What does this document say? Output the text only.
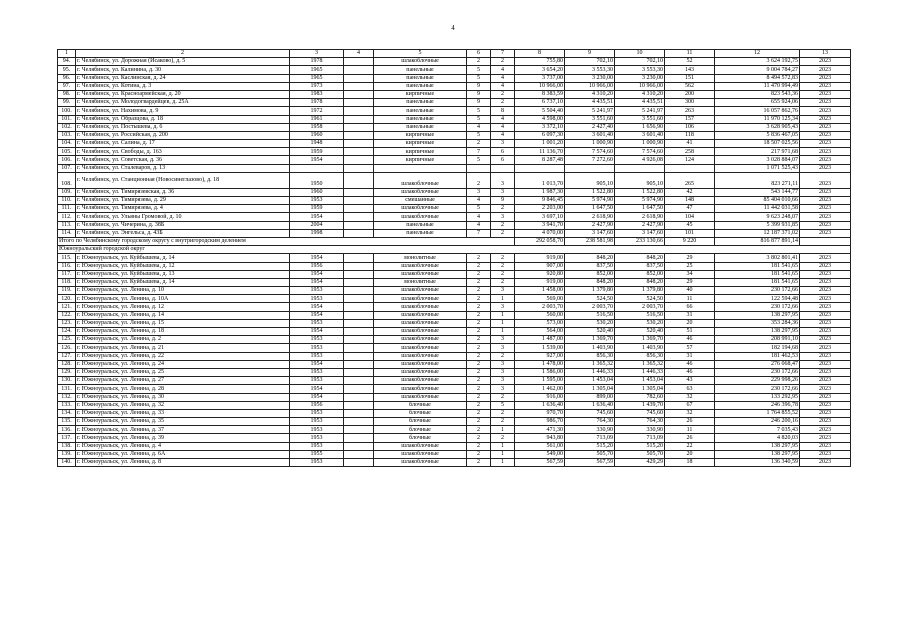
4
1	2	3	4	5	6	7	8	9	10	11	12	13
94.	г. Челябинск, ул. Дорожная (Исаково), д. 5	1978		шлакоблочные	2	2	755,80	702,10	702,10	52	3 624 192,75	2023
95.	г. Челябинск, ул. Калинина, д. 30	1965		панельные	5	4	3 654,20	3 553,30	3 553,30	143	9 004 784,27	2023
96.	г. Челябинск, ул. Каслинская, д. 24	1965		панельные	5	4	3 737,00	3 230,00	3 230,00	151	8 494 572,83	2023
97.	г. Челябинск, ул. Котина, д. 3	1973		панельные	9	4	10 966,00	10 966,00	10 966,00	562	11 470 994,49	2023
98.	г. Челябинск, ул. Красноармейская, д. 20	1983		кирпичные	9	2	8 383,59	4 310,20	4 310,20	200	823 543,36	2023
99.	г. Челябинск, ул. Молодогвардейцев, д. 25А	1978		панельные	9	2	6 737,10	4 435,51	4 435,51	300	655 924,06	2023
100.	г. Челябинск, ул. Нахимова, д. 9	1972		панельные	5	8	5 504,40	5 241,97	5 241,97	263	16 057 862,76	2023
101.	г. Челябинск, ул. Образцова, д. 18	1961		панельные	5	4	4 598,00	3 551,60	3 551,60	157	11 970 125,34	2023
102.	г. Челябинск, ул. Постышева, д. 6	1958		панельные	4	4	3 372,10	2 427,40	1 656,90	106	3 628 905,43	2023
103.	г. Челябинск, ул. Российская, д. 200	1960		кирпичные	5	4	6 097,30	3 601,40	3 601,40	118	5 836 467,05	2023
104.	г. Челябинск, ул. Салина, д. 17	1948		кирпичные	2	3	1 001,20	1 000,90	1 000,90	41	18 507 025,56	2023
105.	г. Челябинск, ул. Свободы, д. 163	1959		кирпичные	7	6	11 136,70	7 574,60	7 574,60	258	217 971,68	2023
106.	г. Челябинск, ул. Советская, д. 36	1954		кирпичные	5	6	8 287,48	7 272,60	4 926,08	124	3 028 884,07	2023
107.	г. Челябинск, ул. Сталеваров, д. 13										1 071 525,43	2023
108.	г. Челябинск, ул. Станционная (Новосинеглазово), д. 18	1950		шлакоблочные	2	3	1 013,70	905,10	905,10	265	823 271,11	2023
109.	г. Челябинск, ул. Тимирязевская, д. 36	1960		шлакоблочные	3	3	1 987,30	1 522,80	1 522,80	42	543 144,77	2023
110.	г. Челябинск, ул. Тимирязева, д. 29	1953		смешанные	4	9	9 846,45	5 974,90	5 974,90	148	85 404 010,66	2023
111.	г. Челябинск, ул. Тимирязева, д. 4	1959		шлакоблочные	5	2	2 203,00	1 647,50	1 647,50	47	11 442 031,58	2023
112.	г. Челябинск, ул. Ульяны Громовой, д. 10	1954		шлакоблочные	4	3	3 697,10	2 618,90	2 618,90	104	9 623 248,07	2023
113.	г. Челябинск, ул. Чичерина, д. 38Б	2004		панельные	4	2	3 941,70	2 427,90	2 427,90	45	5 399 931,85	2023
114.	г. Челябинск, ул. Энгельса, д. 43Б	1998		панельные	7	2	4 070,00	3 147,60	3 147,60	101	12 187 371,02	2023
Итого по Челябинскому городскому округу с внутригородским делением							292 058,70	238 581,98	233 130,66	9 220	816 877 891,14	
Южноуральский городской округ												
115.	г. Южноуральск, ул. Куйбышева, д. 14	1954		монолитные	2	2	919,00	848,20	848,20	29	3 802 801,41	2023
116.	г. Южноуральск, ул. Куйбышева, д. 12	1956		шлакоблочные	2	2	907,00	837,50	837,50	25	181 541,65	2023
117.	г. Южноуральск, ул. Куйбышева, д. 13	1954		шлакоблочные	2	2	920,80	852,00	852,00	34	181 541,65	2023
118.	г. Южноуральск, ул. Куйбышева, д. 14	1954		монолитные	2	2	919,00	848,20	848,20	29	181 541,65	2023
119.	г. Южноуральск, ул. Ленина, д. 10	1953		шлакоблочные	2	3	1 458,00	1 379,80	1 379,80	40	230 172,66	2023
120.	г. Южноуральск, ул. Ленина, д. 10А	1953		шлакоблочные	2	1	569,00	524,50	524,50	11	122 594,48	2023
121.	г. Южноуральск, ул. Ленина, д. 12	1954		шлакоблочные	2	3	2 003,70	2 003,70	2 003,70	66	230 172,66	2023
122.	г. Южноуральск, ул. Ленина, д. 14	1954		шлакоблочные	2	1	560,00	516,50	516,50	31	138 297,95	2023
123.	г. Южноуральск, ул. Ленина, д. 15	1953		шлакоблочные	2	1	573,00	530,20	530,20	20	353 284,36	2023
124.	г. Южноуральск, ул. Ленина, д. 18	1954		шлакоблочные	2	1	564,00	520,40	520,40	51	138 297,95	2023
125.	г. Южноуральск, ул. Ленина, д. 2	1953		шлакоблочные	2	3	1 487,00	1 369,70	1 369,70	46	208 991,10	2023
126.	г. Южноуральск, ул. Ленина, д. 21	1953		шлакоблочные	2	3	1 539,00	1 403,90	1 403,90	57	182 194,68	2023
127.	г. Южноуральск, ул. Ленина, д. 22	1953		шлакоблочные	2	2	927,00	856,30	856,30	31	181 462,53	2023
128.	г. Южноуральск, ул. Ленина, д. 24	1954		шлакоблочные	2	3	1 478,00	1 365,32	1 365,32	46	276 068,47	2023
129.	г. Южноуральск, ул. Ленина, д. 25	1953		шлакоблочные	2	3	1 586,00	1 446,33	1 446,33	46	230 172,66	2023
130.	г. Южноуральск, ул. Ленина, д. 27	1953		шлакоблочные	2	3	1 595,00	1 453,04	1 453,04	43	229 998,26	2023
131.	г. Южноуральск, ул. Ленина, д. 28	1954		шлакоблочные	2	3	1 462,00	1 305,04	1 305,04	63	230 172,66	2023
132.	г. Южноуральск, ул. Ленина, д. 30	1954		шлакоблочные	2	2	916,00	899,00	782,60	32	133 292,95	2023
133.	г. Южноуральск, ул. Ленина, д. 32	1956		блочные	2	5	1 636,40	1 636,40	1 439,70	67	246 396,78	2023
134.	г. Южноуральск, ул. Ленина, д. 33	1953		блочные	2	2	970,70	745,60	745,60	32	1 764 855,52	2023
135.	г. Южноуральск, ул. Ленина, д. 35	1953		блочные	2	2	986,70	764,30	764,30	26	246 200,16	2023
136.	г. Южноуральск, ул. Ленина, д. 37	1953		блочные	2	1	471,30	330,90	330,90	11	7 035,43	2023
137.	г. Южноуральск, ул. Ленина, д. 39	1953		блочные	2	2	943,80	713,09	713,09	26	4 820,03	2023
138.	г. Южноуральск, ул. Ленина, д. 4	1953		шлакоблочные	2	1	561,00	515,20	515,20	22	138 297,95	2023
139.	г. Южноуральск, ул. Ленина, д. 6А	1955		шлакоблочные	2	1	549,00	505,70	505,70	20	138 297,95	2023
140.	г. Южноуральск, ул. Ленина, д. 8	1953		шлакоблочные	2	1	567,59	567,59	429,29	18	136 340,59	2023
